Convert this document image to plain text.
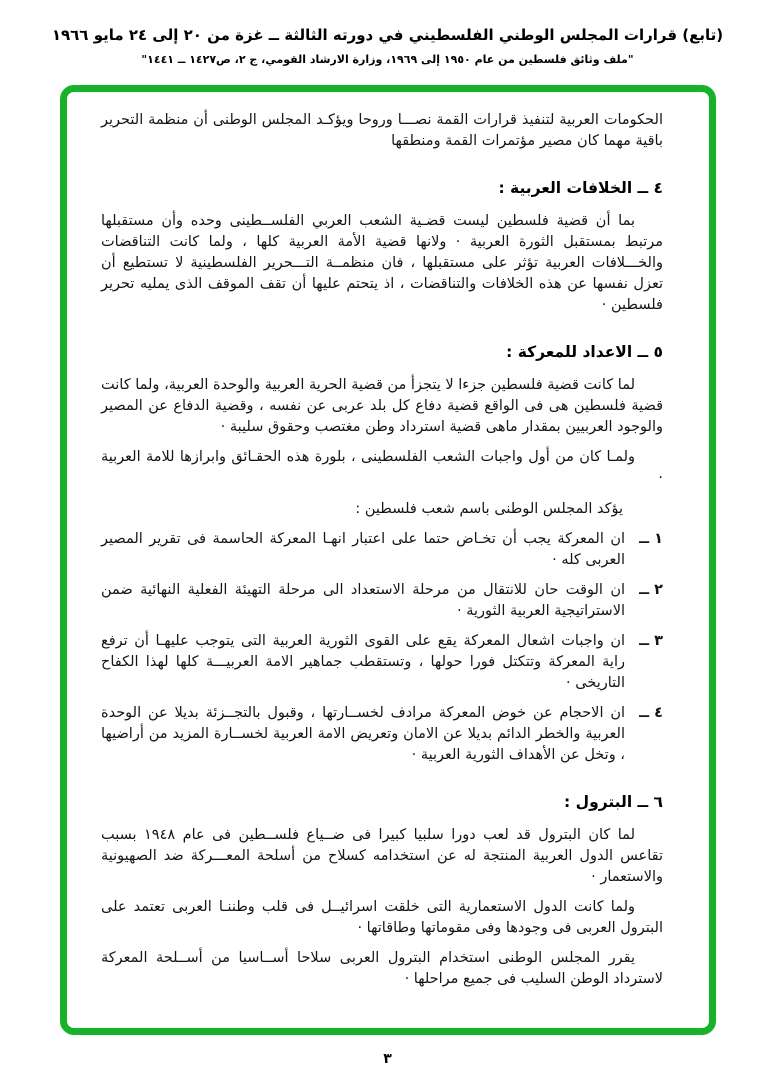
(تابع) قرارات المجلس الوطني الفلسطيني في دورته الثالثة ــ غزة من ٢٠ إلى ٢٤ مايو ١٩٦٦
"ملف وثائق فلسطين من عام ١٩٥٠ إلى ١٩٦٩، وزارة الارشاد القومي، ج ٢، ص١٤٢٧ ــ ١٤٤١"
الحكومات العربية لتنفيذ قرارات القمة نصـــا وروحا ويؤكـد المجلس الوطنى أن منظمة التحرير باقية مهما كان مصير مؤتمرات القمة ومنطقها
٤ ــ الخلافات العربية :
بما أن قضية فلسطين ليست قضـية الشعب العربي الفلســطينى وحده وأن مستقبلها مرتبط بمستقبل الثورة العربية · ولانها قضية الأمة العربية كلها ، ولما كانت التناقضات والخـــلافات العربية تؤثر على مستقبلها ، فان منظمــة التـــحرير الفلسطينية لا تستطيع أن تعزل نفسها عن هذه الخلافات والتناقضات ، اذ يتحتم عليها أن تقف الموقف الذى يمليه تحرير فلسطين ·
٥ ــ الاعداد للمعركة :
لما كانت قضية فلسطين جزءا لا يتجزأ من قضية الحرية العربية والوحدة العربية، ولما كانت قضية فلسطين هى فى الواقع قضية دفاع كل بلد عربى عن نفسه ، وقضية الدفاع عن المصير والوجود العربيين بمقدار ماهى قضية استرداد وطن مغتصب وحقوق سليبة ·
ولمـا كان من أول واجبات الشعب الفلسطينى ، بلورة هذه الحقـائق وابرازها للامة العربية ·
يؤكد المجلس الوطنى باسم شعب فلسطين :
١ ــ
ان المعركة يجب أن تخـاض حتما على اعتبار انهـا المعركة الحاسمة فى تقرير المصير العربى كله ·
٢ ــ
ان الوقت حان للانتقال من مرحلة الاستعداد الى مرحلة التهيئة الفعلية النهائية ضمن الاستراتيجية العربية الثورية ·
٣ ــ
ان واجبات اشعال المعركة يقع على القوى الثورية العربية التى يتوجب عليهـا أن ترفع راية المعركة وتتكتل فورا حولها ، وتستقطب جماهير الامة العربيـــة كلها لهذا الكفاح التاريخى ·
٤ ــ
ان الاحجام عن خوض المعركة مرادف لخســارتها ، وقبول بالتجــزئة بديلا عن الوحدة العربية والخطر الدائم بديلا عن الامان وتعريض الامة العربية لخســارة المزيد من أراضيها ، وتخل عن الأهداف الثورية العربية ·
٦ ــ البترول :
لما كان البترول قد لعب دورا سلبيا كبيرا فى ضــياع فلســطين فى عام ١٩٤٨ بسبب تقاعس الدول العربية المنتجة له عن استخدامه كسلاح من أسلحة المعـــركة ضد الصهيونية والاستعمار ·
ولما كانت الدول الاستعمارية التى خلقت اسرائيــل فى قلب وطننـا العربى تعتمد على البترول العربى فى وجودها وفى مقوماتها وطاقاتها ·
يقرر المجلس الوطنى استخدام البترول العربى سلاحا أســاسيا من أســلحة المعركة لاسترداد الوطن السليب فى جميع مراحلها ·
٣
